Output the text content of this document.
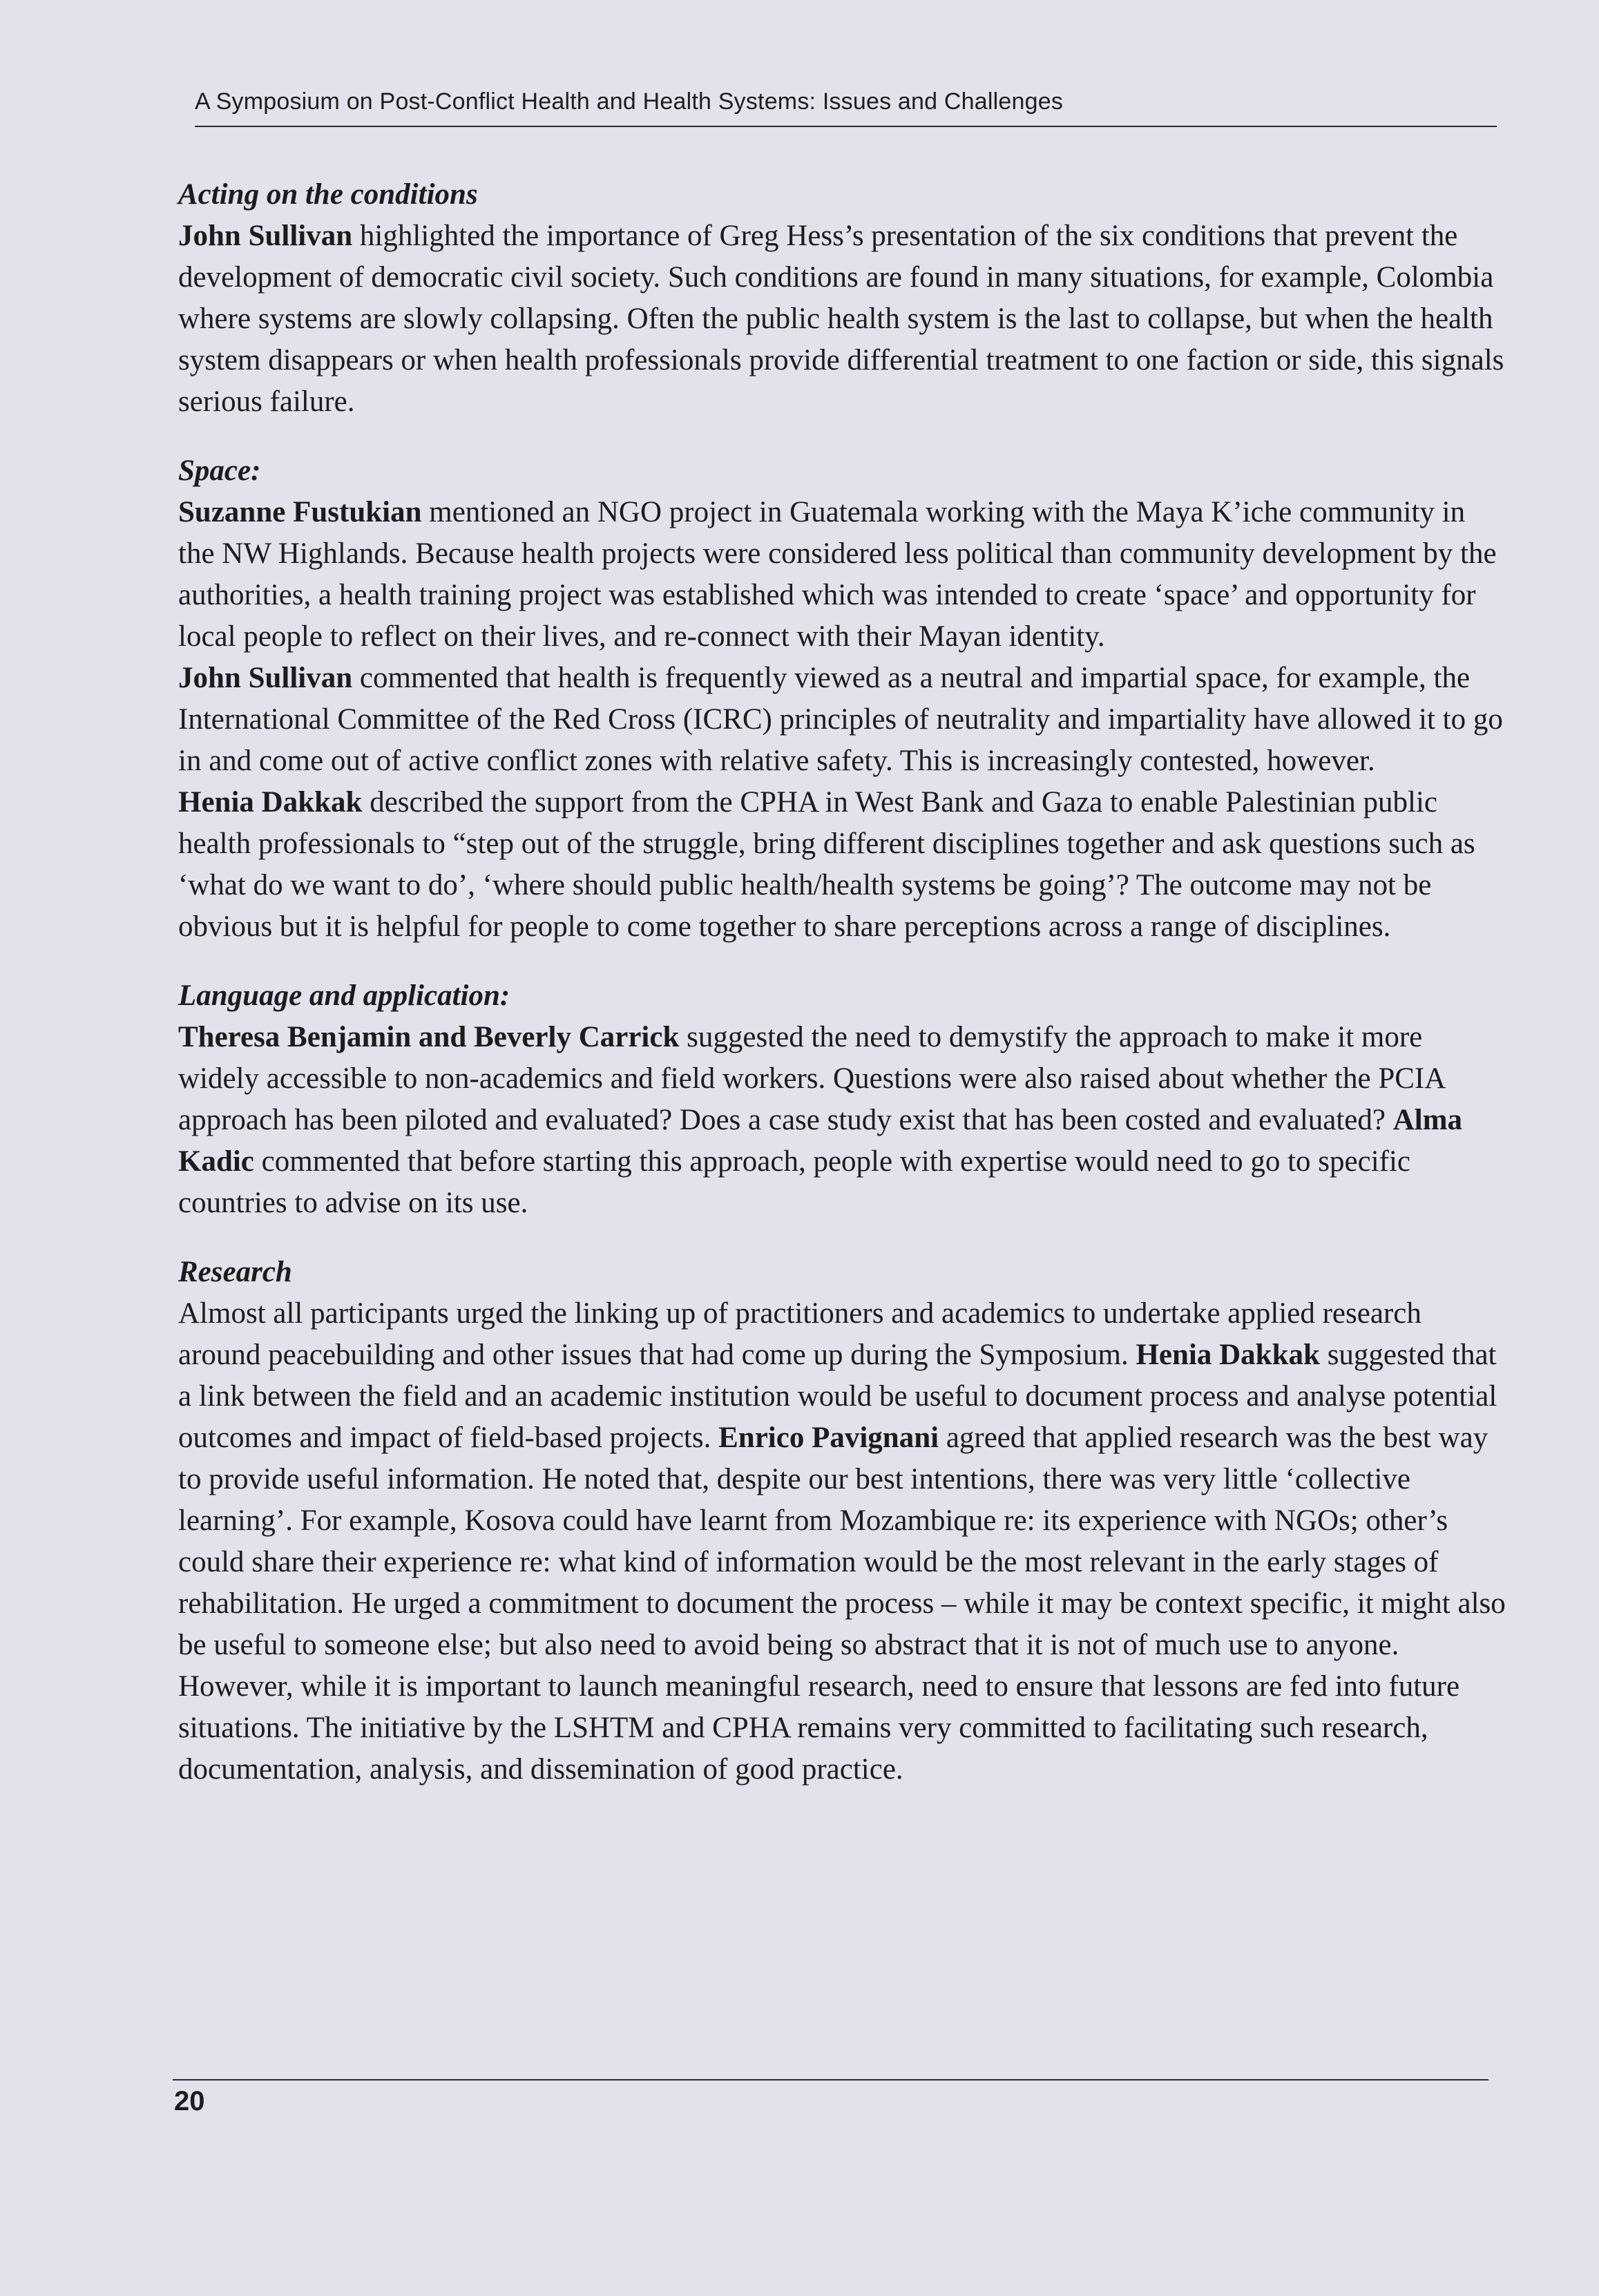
A Symposium on Post-Conflict Health and Health Systems: Issues and Challenges
Acting on the conditions

John Sullivan highlighted the importance of Greg Hess’s presentation of the six conditions that prevent the development of democratic civil society. Such conditions are found in many situations, for example, Colombia where systems are slowly collapsing. Often the public health system is the last to collapse, but when the health system disappears or when health professionals provide differential treatment to one faction or side, this signals serious failure.

Space:

Suzanne Fustukian mentioned an NGO project in Guatemala working with the Maya K’iche community in the NW Highlands. Because health projects were considered less political than community development by the authorities, a health training project was established which was intended to create ‘space’ and opportunity for local people to reflect on their lives, and re-connect with their Mayan identity.

John Sullivan commented that health is frequently viewed as a neutral and impartial space, for example, the International Committee of the Red Cross (ICRC) principles of neutrality and impartiality have allowed it to go in and come out of active conflict zones with relative safety. This is increasingly contested, however.

Henia Dakkak described the support from the CPHA in West Bank and Gaza to enable Palestinian public health professionals to “step out of the struggle, bring different disciplines together and ask questions such as ‘what do we want to do’, ‘where should public health/health systems be going’? The outcome may not be obvious but it is helpful for people to come together to share perceptions across a range of disciplines.

Language and application:

Theresa Benjamin and Beverly Carrick suggested the need to demystify the approach to make it more widely accessible to non-academics and field workers. Questions were also raised about whether the PCIA approach has been piloted and evaluated? Does a case study exist that has been costed and evaluated? Alma Kadic commented that before starting this approach, people with expertise would need to go to specific countries to advise on its use.

Research

Almost all participants urged the linking up of practitioners and academics to undertake applied research around peacebuilding and other issues that had come up during the Symposium. Henia Dakkak suggested that a link between the field and an academic institution would be useful to document process and analyse potential outcomes and impact of field-based projects. Enrico Pavignani agreed that applied research was the best way to provide useful information. He noted that, despite our best intentions, there was very little ‘collective learning’. For example, Kosova could have learnt from Mozambique re: its experience with NGOs; other’s could share their experience re: what kind of information would be the most relevant in the early stages of rehabilitation. He urged a commitment to document the process – while it may be context specific, it might also be useful to someone else; but also need to avoid being so abstract that it is not of much use to anyone. However, while it is important to launch meaningful research, need to ensure that lessons are fed into future situations. The initiative by the LSHTM and CPHA remains very committed to facilitating such research, documentation, analysis, and dissemination of good practice.

20
